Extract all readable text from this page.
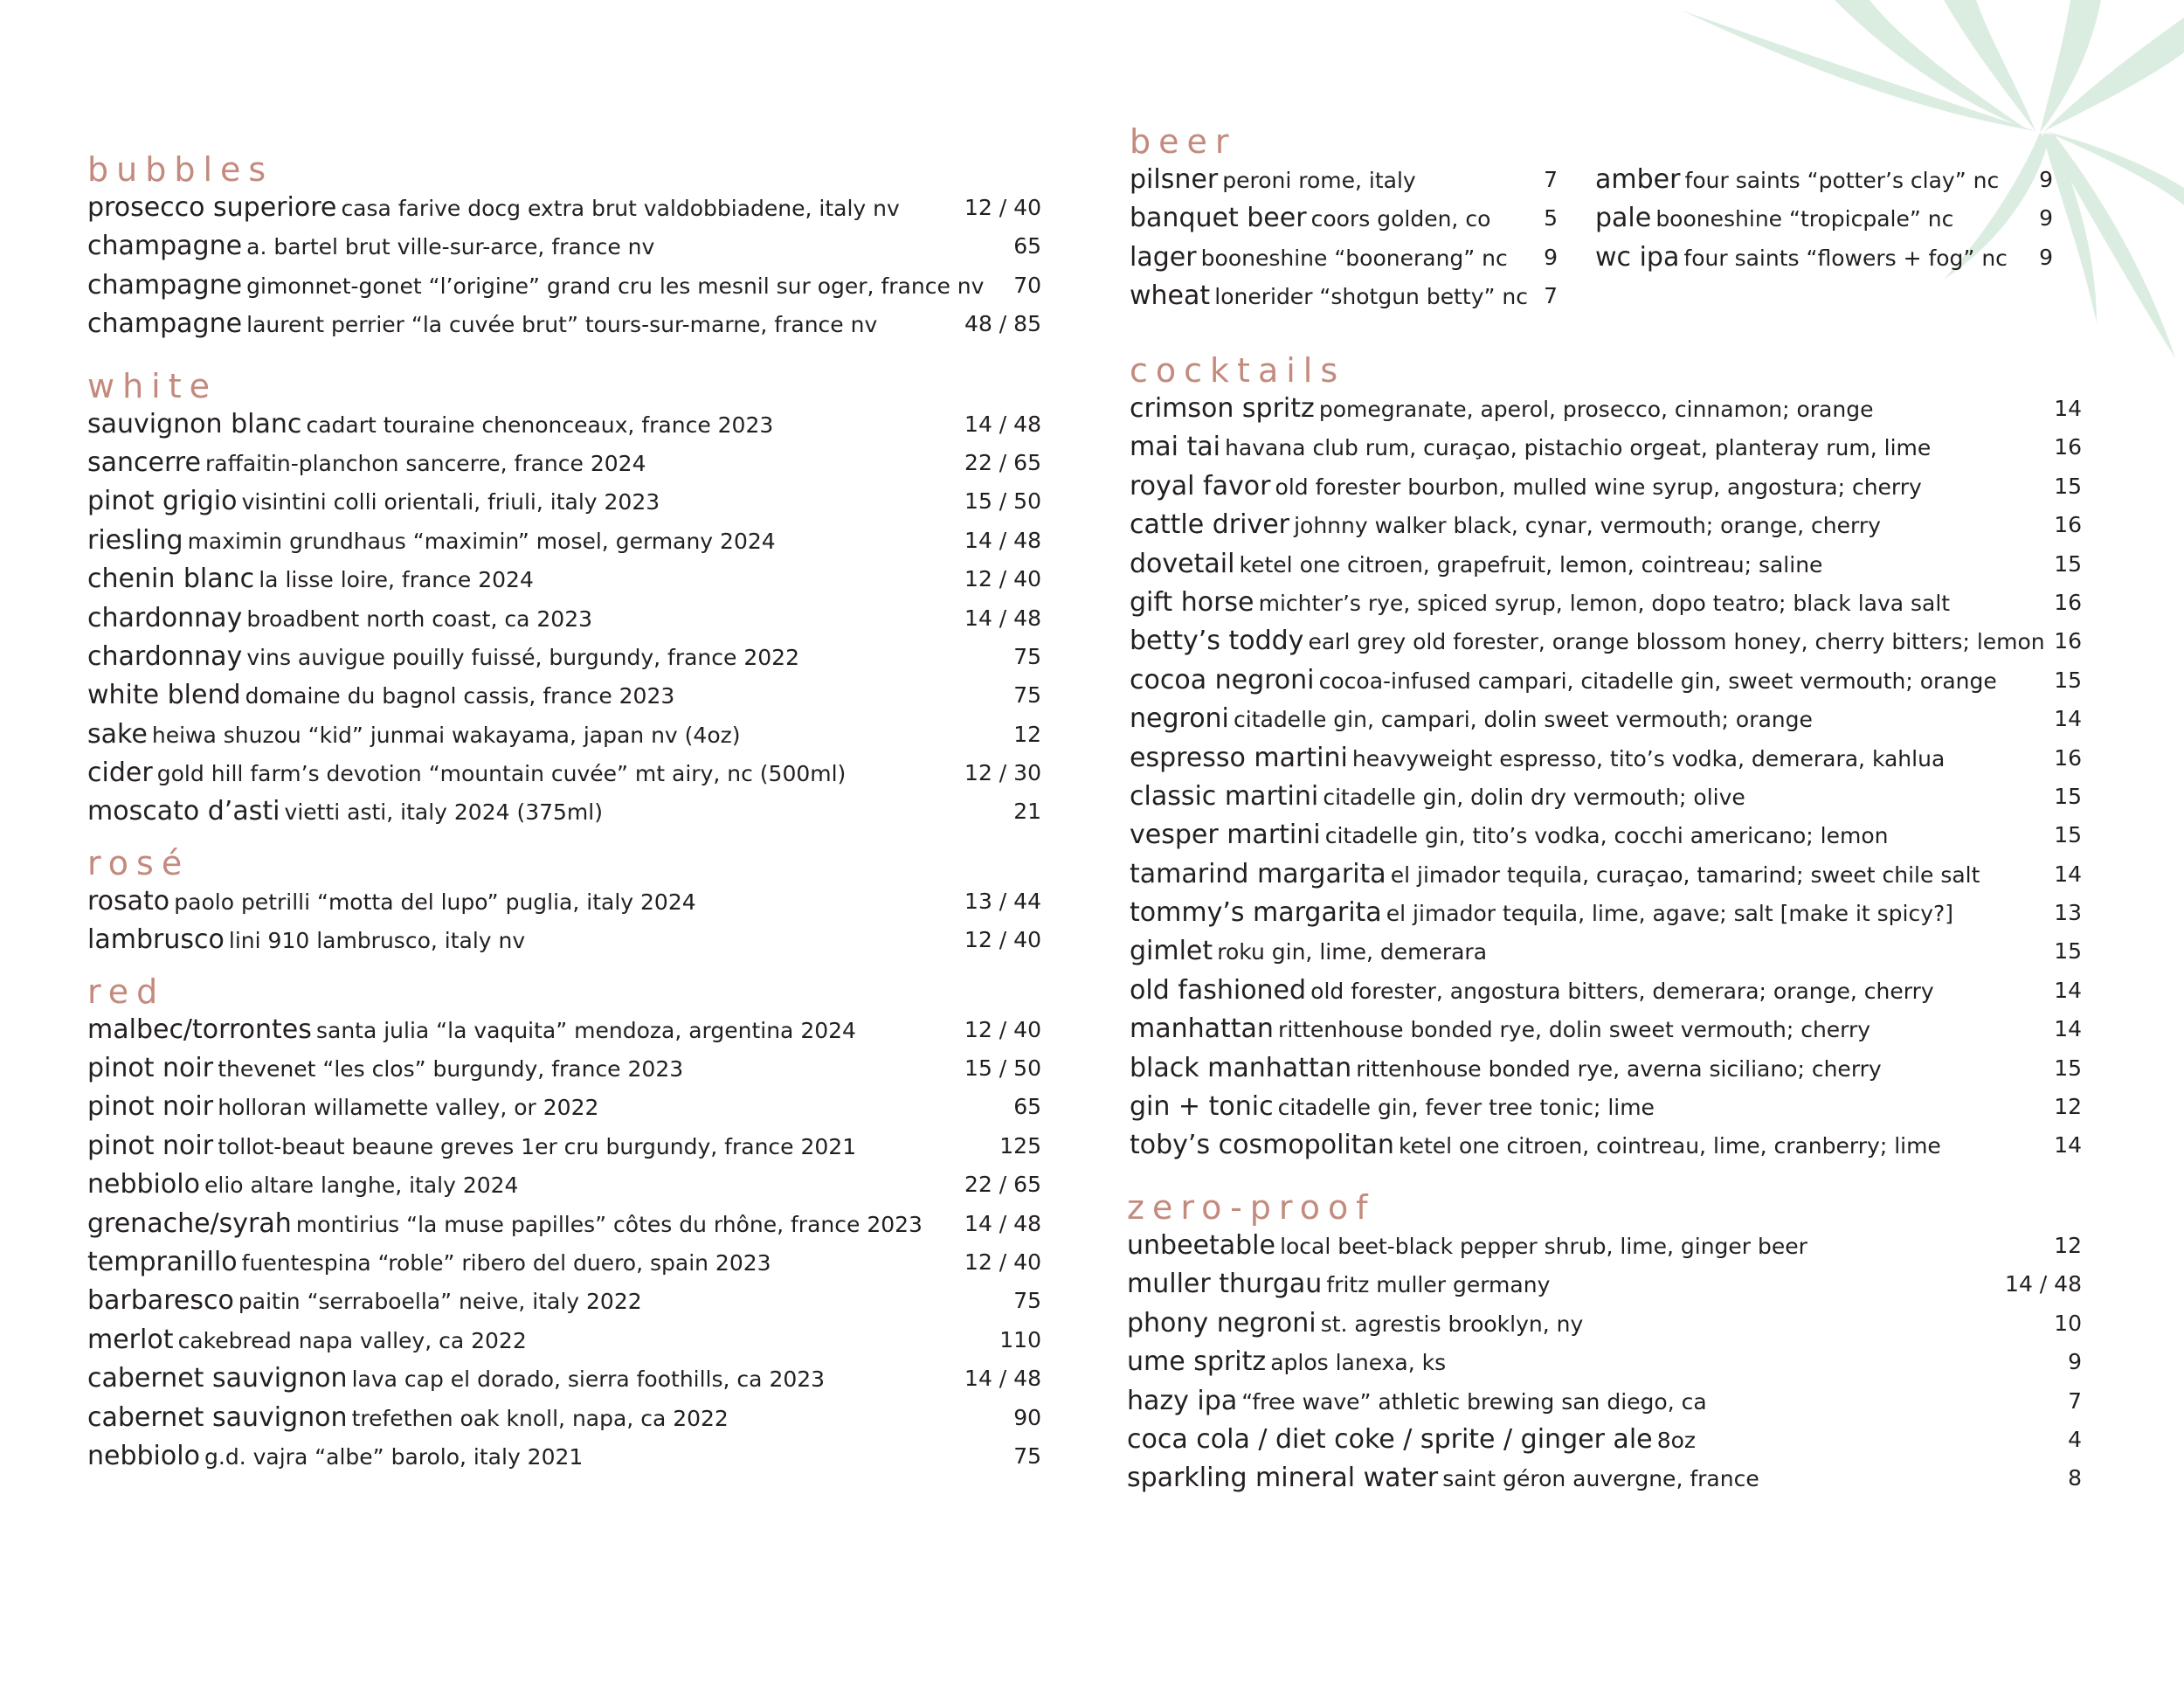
bubbles
prosecco superiore casa farive docg extra brut valdobbiadene, italy nv	12 / 40
champagne a. bartel brut ville-sur-arce, france nv	65
champagne gimonnet-gonet “l’origine” grand cru les mesnil sur oger, france nv 70
champagne laurent perrier “la cuvée brut” tours-sur-marne, france nv	48 / 85
white
sauvignon blanc cadart touraine chenonceaux, france 2023	14 / 48
sancerre raffaitin-planchon sancerre, france 2024	22 / 65
pinot grigio visintini colli orientali, friuli, italy 2023	15 / 50
riesling maximin grundhaus “maximin” mosel, germany 2024	14 / 48
chenin blanc la lisse loire, france 2024	12 / 40
chardonnay broadbent north coast, ca 2023	14 / 48
chardonnay vins auvigue pouilly fuissé, burgundy, france 2022	75
white blend domaine du bagnol cassis, france 2023	75
sake heiwa shuzou “kid” junmai wakayama, japan nv (4oz)	12
cider gold hill farm’s devotion “mountain cuvée” mt airy, nc (500ml)	12 / 30
moscato d’asti vietti asti, italy 2024 (375ml)	21
rosé
rosato paolo petrilli “motta del lupo” puglia, italy 2024	13 / 44
lambrusco lini 910 lambrusco, italy nv	12 / 40
red
malbec/torrontes santa julia “la vaquita” mendoza, argentina 2024	12 / 40
pinot noir thevenet “les clos” burgundy, france 2023	15 / 50
pinot noir holloran willamette valley, or 2022	65
pinot noir tollot-beaut beaune greves 1er cru burgundy, france 2021	125
nebbiolo elio altare langhe, italy 2024	22 / 65
grenache/syrah montirius “la muse papilles” côtes du rhône, france 2023 14 / 48
tempranillo fuentespina “roble” ribero del duero, spain 2023	12 / 40
barbaresco paitin “serraboella” neive, italy 2022	75
merlot cakebread napa valley, ca 2022	110
cabernet sauvignon lava cap el dorado, sierra foothills, ca 2023	14 / 48
cabernet sauvignon trefethen oak knoll, napa, ca 2022	90
nebbiolo g.d. vajra “albe” barolo, italy 2021	75
beer
pilsner peroni rome, italy	7
banquet beer coors golden, co 5
lager booneshine “boonerang” nc 9
wheat lonerider “shotgun betty” nc 7
amber four saints “potter’s clay” nc 9
pale booneshine “tropicpale” nc	9
wc ipa four saints “flowers + fog” nc 9
cocktails
crimson spritz pomegranate, aperol, prosecco, cinnamon; orange	14
mai tai havana club rum, curaçao, pistachio orgeat, planteray rum, lime	16
royal favor old forester bourbon, mulled wine syrup, angostura; cherry	15
cattle driver johnny walker black, cynar, vermouth; orange, cherry	16
dovetail ketel one citroen, grapefruit, lemon, cointreau; saline	15
gift horse michter’s rye, spiced syrup, lemon, dopo teatro; black lava salt	16
betty’s toddy earl grey old forester, orange blossom honey, cherry bitters; lemon 16
cocoa negroni cocoa-infused campari, citadelle gin, sweet vermouth; orange	15
negroni citadelle gin, campari, dolin sweet vermouth; orange	14
espresso martini heavyweight espresso, tito’s vodka, demerara, kahlua	16
classic martini citadelle gin, dolin dry vermouth; olive	15
vesper martini citadelle gin, tito’s vodka, cocchi americano; lemon	15
tamarind margarita el jimador tequila, curaçao, tamarind; sweet chile salt	14
tommy’s margarita el jimador tequila, lime, agave; salt [make it spicy?]	13
gimlet roku gin, lime, demerara	15
old fashioned old forester, angostura bitters, demerara; orange, cherry	14
manhattan rittenhouse bonded rye, dolin sweet vermouth; cherry	14
black manhattan rittenhouse bonded rye, averna siciliano; cherry	15
gin + tonic citadelle gin, fever tree tonic; lime	12
toby’s cosmopolitan ketel one citroen, cointreau, lime, cranberry; lime	14
zero-proof
unbeetable local beet-black pepper shrub, lime, ginger beer	12
muller thurgau fritz muller germany	14 / 48
phony negroni st. agrestis brooklyn, ny	10
ume spritz aplos lanexa, ks	9
hazy ipa “free wave” athletic brewing san diego, ca	7
coca cola / diet coke / sprite / ginger ale 8oz	4
sparkling mineral water saint géron auvergne, france	8
